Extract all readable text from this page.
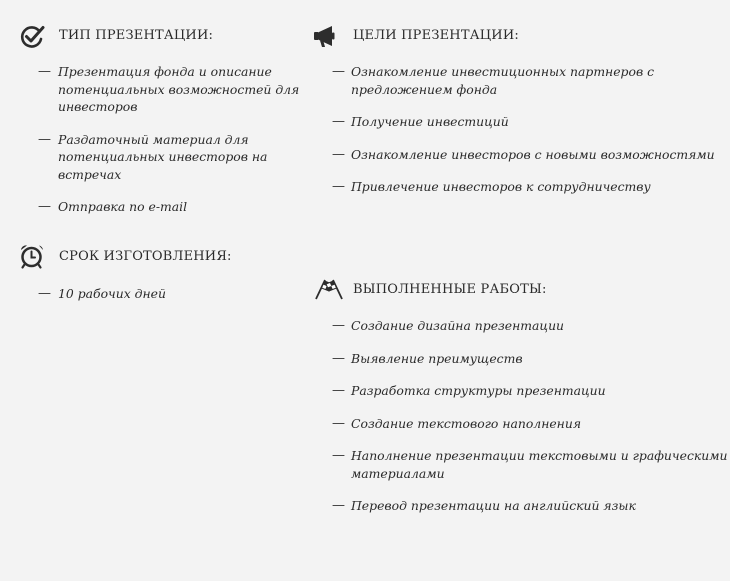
ТИП ПРЕЗЕНТАЦИИ:
— Презентация фонда и описание потенциальных возможностей для инвесторов
— Раздаточный материал для потенциальных инвесторов на встречах
— Отправка по e-mail
СРОК ИЗГОТОВЛЕНИЯ:
— 10 рабочих дней
ЦЕЛИ ПРЕЗЕНТАЦИИ:
— Ознакомление инвестиционных партнеров с предложением фонда
— Получение инвестиций
— Ознакомление инвесторов с новыми возможностями
— Привлечение инвесторов к сотрудничеству
ВЫПОЛНЕННЫЕ РАБОТЫ:
— Создание дизайна презентации
— Выявление преимуществ
— Разработка структуры презентации
— Создание текстового наполнения
— Наполнение презентации текстовыми и графическими материалами
— Перевод презентации на английский язык
